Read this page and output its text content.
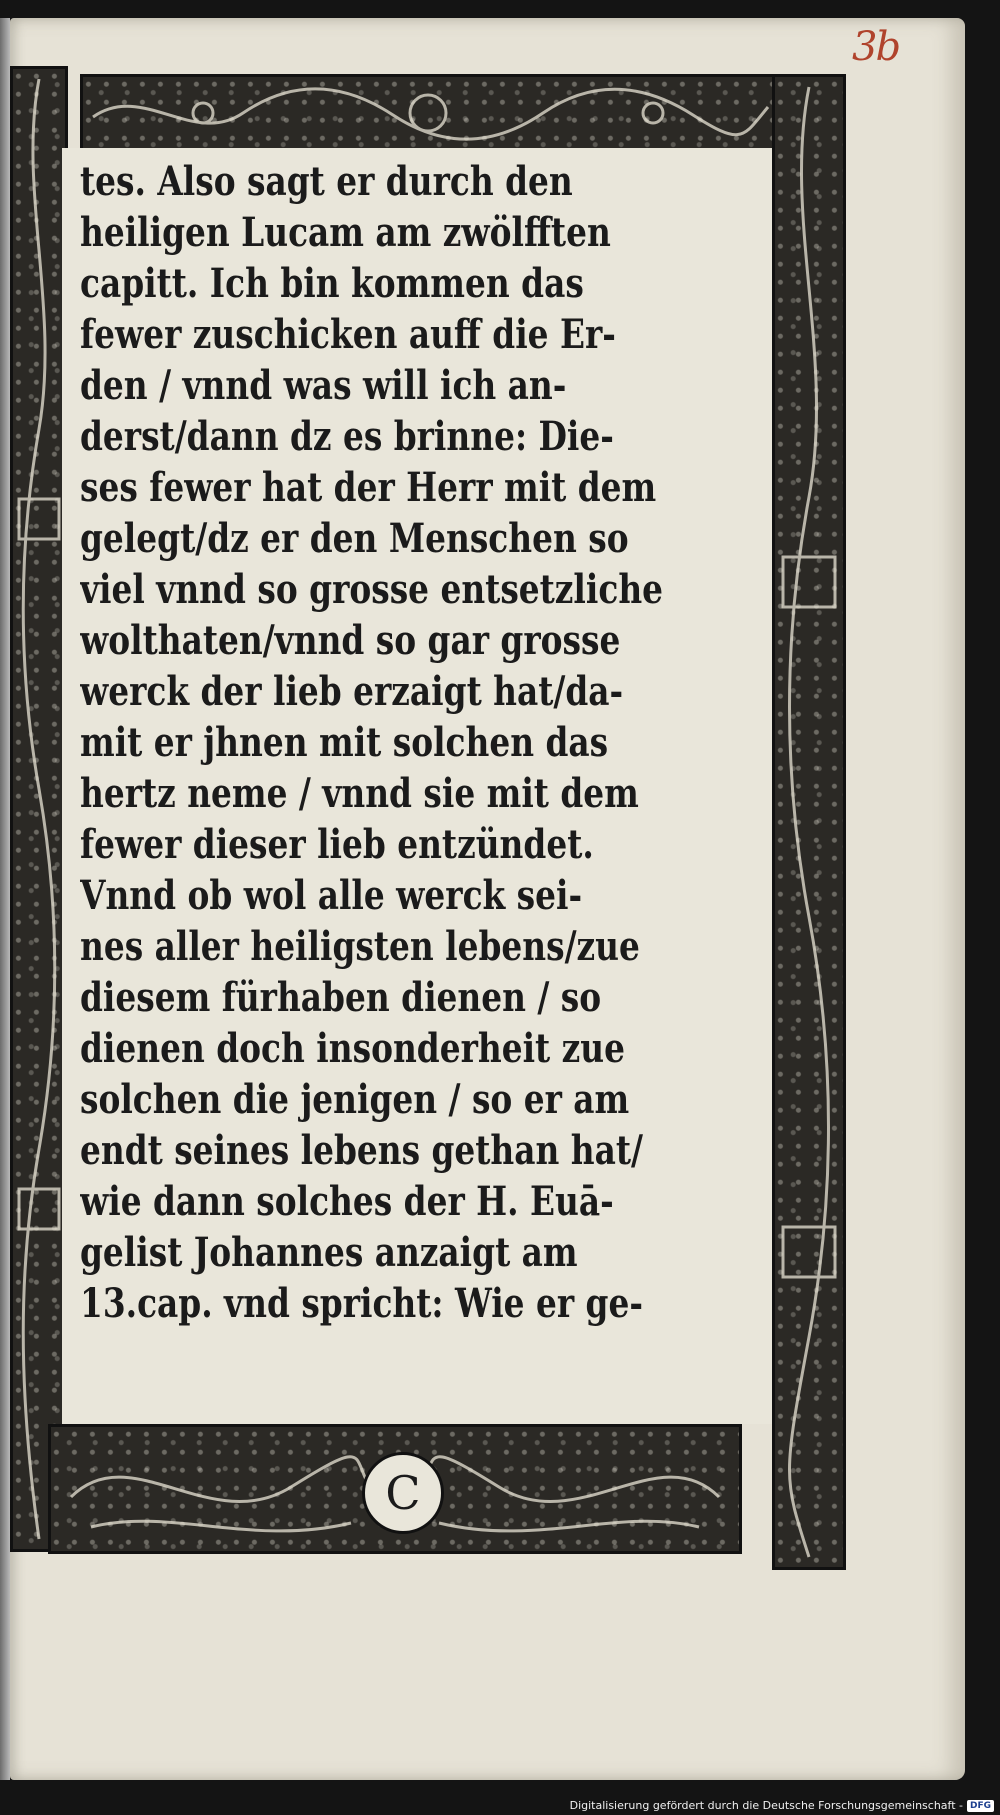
3b
C
tes. Also sagt er durch den
heiligen Lucam am zwölfften
capitt. Ich bin kommen das
fewer zuschicken auff die Er-
den / vnnd was will ich an-
derst/dann dz es brinne: Die-
ses fewer hat der Herr mit dem
gelegt/dz er den Menschen so
viel vnnd so grosse entsetzliche
wolthaten/vnnd so gar grosse
werck der lieb erzaigt hat/da-
mit er jhnen mit solchen das
hertz neme / vnnd sie mit dem
fewer dieser lieb entzündet.
Vnnd ob wol alle werck sei-
nes aller heiligsten lebens/zue
diesem fürhaben dienen / so
dienen doch insonderheit zue
solchen die jenigen / so er am
endt seines lebens gethan hat/
wie dann solches der H. Euā-
gelist Johannes anzaigt am
13.cap. vnd spricht: Wie er ge-
Digitalisierung gefördert durch die Deutsche Forschungsgemeinschaft - DFG
